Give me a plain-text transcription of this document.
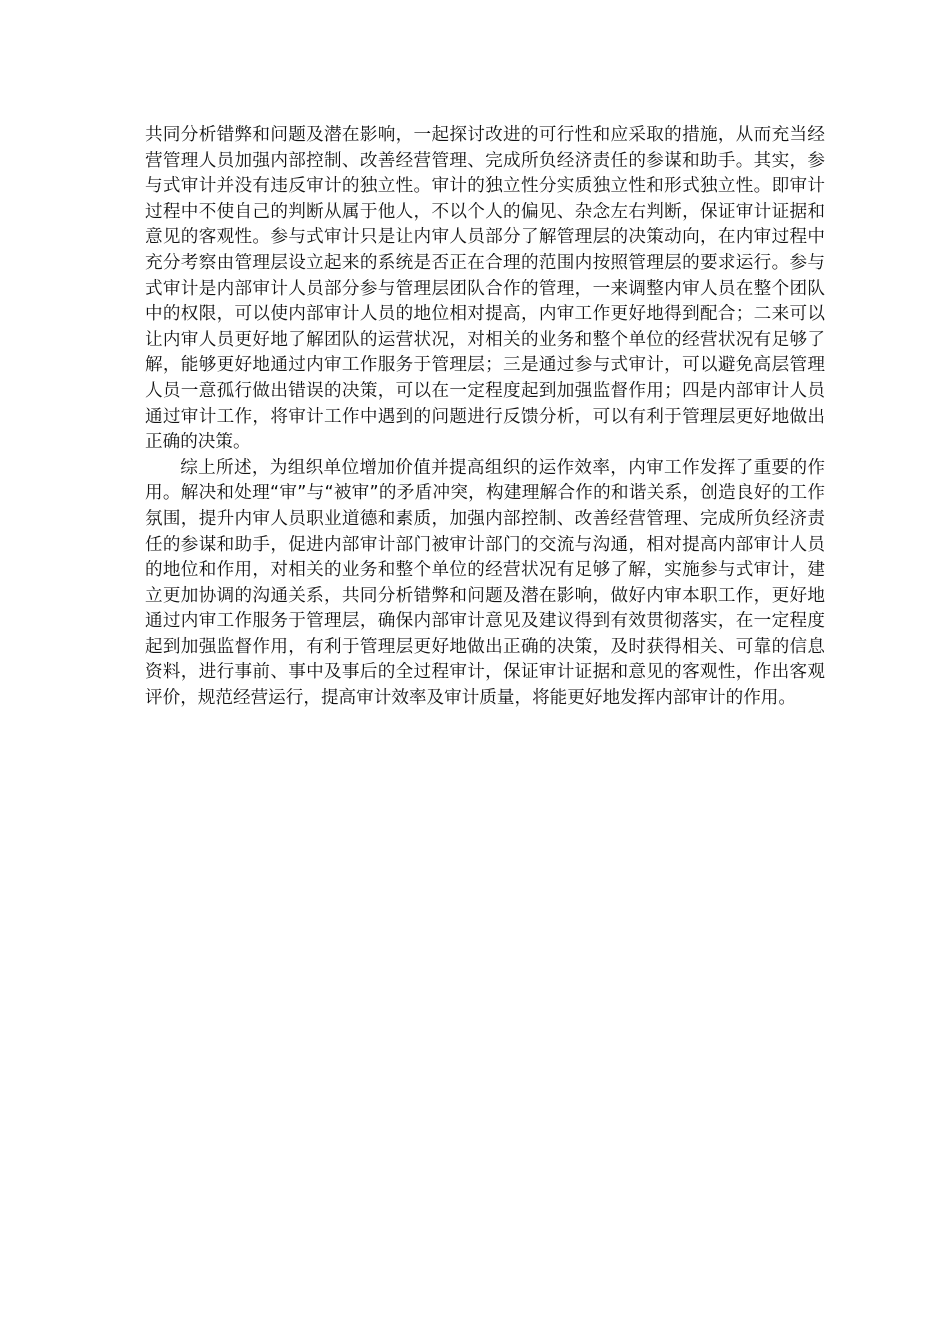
共同分析错弊和问题及潜在影响，一起探讨改进的可行性和应采取的措施，从而充当经营管理人员加强内部控制、改善经营管理、完成所负经济责任的参谋和助手。其实，参与式审计并没有违反审计的独立性。审计的独立性分实质独立性和形式独立性。即审计过程中不使自己的判断从属于他人，不以个人的偏见、杂念左右判断，保证审计证据和意见的客观性。参与式审计只是让内审人员部分了解管理层的决策动向，在内审过程中充分考察由管理层设立起来的系统是否正在合理的范围内按照管理层的要求运行。参与式审计是内部审计人员部分参与管理层团队合作的管理，一来调整内审人员在整个团队中的权限，可以使内部审计人员的地位相对提高，内审工作更好地得到配合；二来可以让内审人员更好地了解团队的运营状况，对相关的业务和整个单位的经营状况有足够了解，能够更好地通过内审工作服务于管理层；三是通过参与式审计，可以避免高层管理人员一意孤行做出错误的决策，可以在一定程度起到加强监督作用；四是内部审计人员通过审计工作，将审计工作中遇到的问题进行反馈分析，可以有利于管理层更好地做出正确的决策。

综上所述，为组织单位增加价值并提高组织的运作效率，内审工作发挥了重要的作用。解决和处理“审”与“被审”的矛盾冲突，构建理解合作的和谐关系，创造良好的工作氛围，提升内审人员职业道德和素质，加强内部控制、改善经营管理、完成所负经济责任的参谋和助手，促进内部审计部门被审计部门的交流与沟通，相对提高内部审计人员的地位和作用，对相关的业务和整个单位的经营状况有足够了解，实施参与式审计，建立更加协调的沟通关系，共同分析错弊和问题及潜在影响，做好内审本职工作，更好地通过内审工作服务于管理层，确保内部审计意见及建议得到有效贯彻落实，在一定程度起到加强监督作用，有利于管理层更好地做出正确的决策，及时获得相关、可靠的信息资料，进行事前、事中及事后的全过程审计，保证审计证据和意见的客观性，作出客观评价，规范经营运行，提高审计效率及审计质量，将能更好地发挥内部审计的作用。
